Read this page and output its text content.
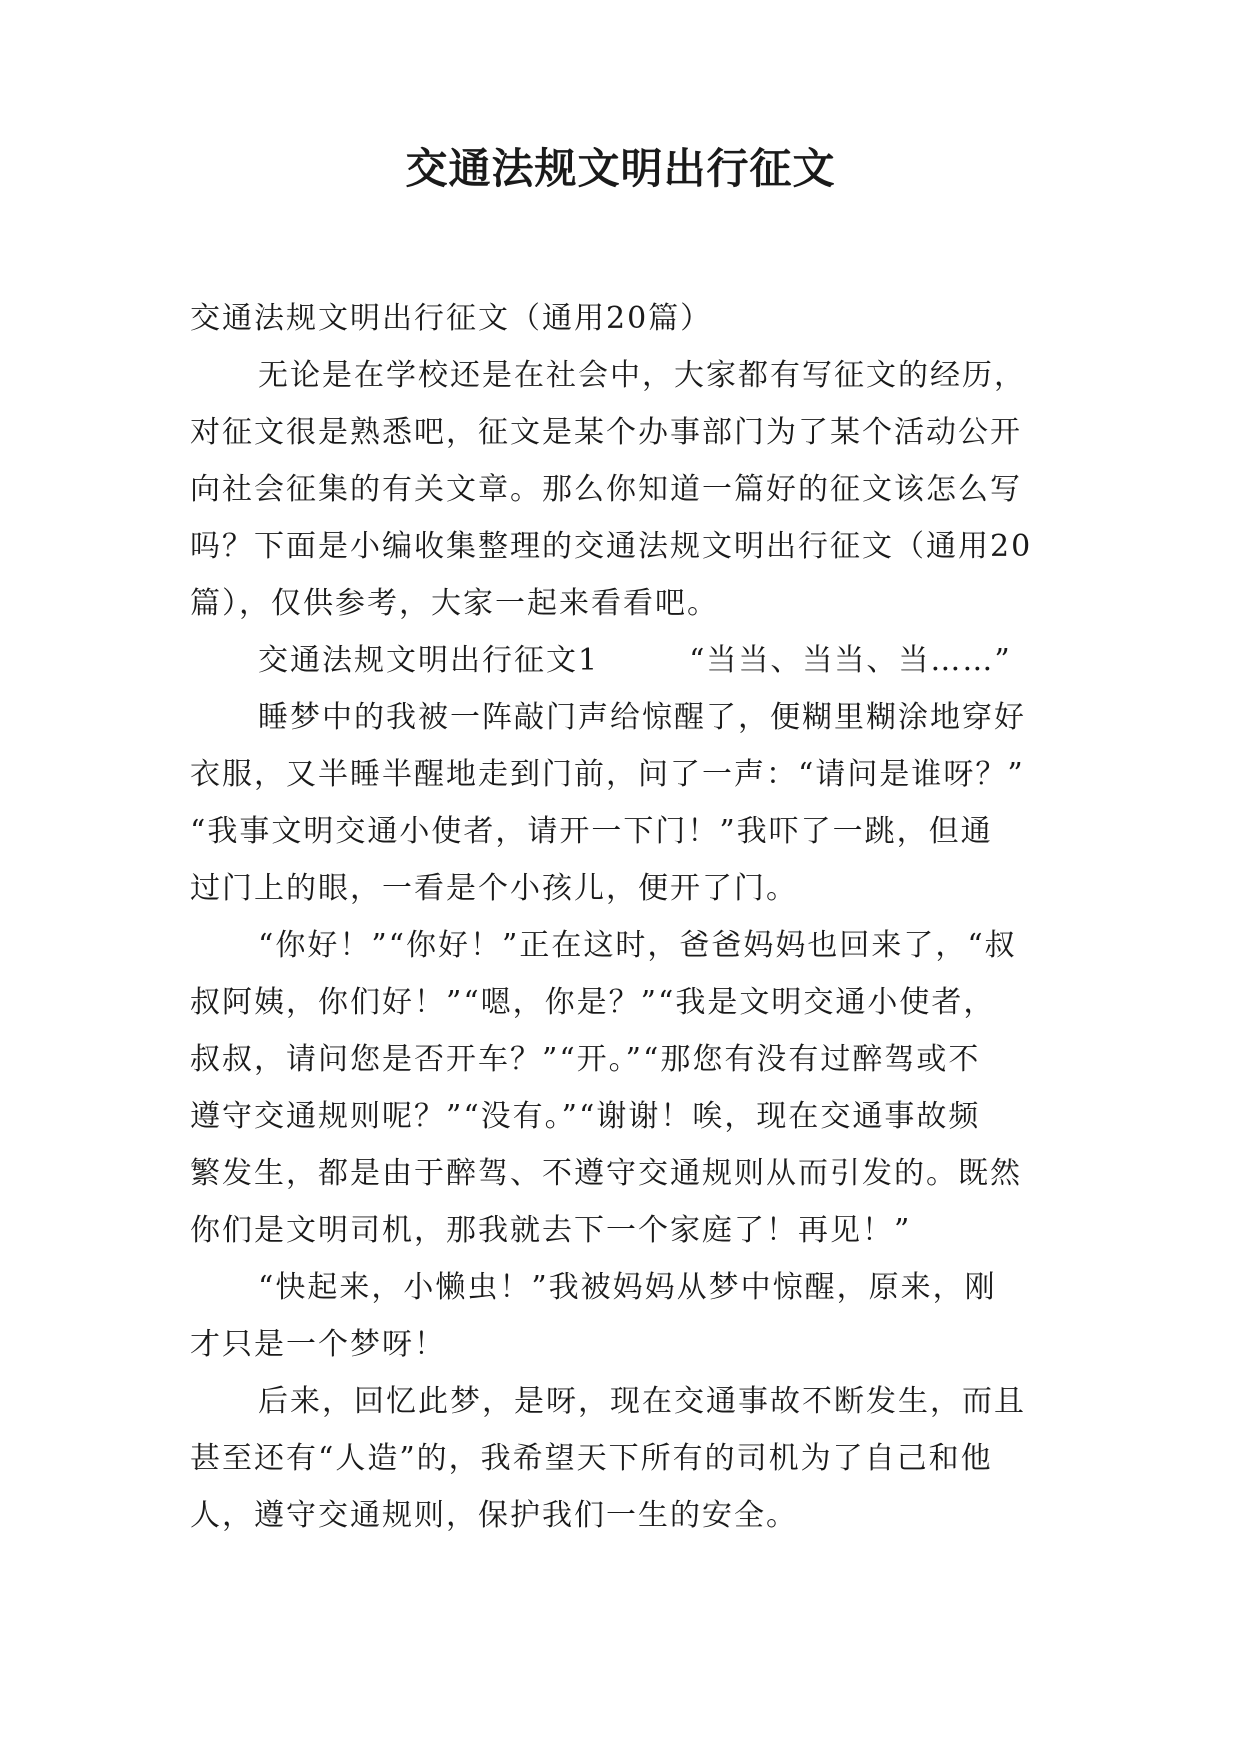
交通法规文明出行征文
交通法规文明出行征文（通用20篇）
无论是在学校还是在社会中，大家都有写征文的经历，
对征文很是熟悉吧，征文是某个办事部门为了某个活动公开
向社会征集的有关文章。那么你知道一篇好的征文该怎么写
吗？下面是小编收集整理的交通法规文明出行征文（通用20
篇），仅供参考，大家一起来看看吧。
交通法规文明出行征文1	“当当、当当、当……”
睡梦中的我被一阵敲门声给惊醒了，便糊里糊涂地穿好
衣服，又半睡半醒地走到门前，问了一声：“请问是谁呀？”
“我事文明交通小使者，请开一下门！”我吓了一跳，但通
过门上的眼，一看是个小孩儿，便开了门。
“你好！”“你好！”正在这时，爸爸妈妈也回来了，“叔
叔阿姨，你们好！”“嗯，你是？”“我是文明交通小使者，
叔叔，请问您是否开车？”“开。”“那您有没有过醉驾或不
遵守交通规则呢？”“没有。”“谢谢！唉，现在交通事故频
繁发生，都是由于醉驾、不遵守交通规则从而引发的。既然
你们是文明司机，那我就去下一个家庭了！再见！”
“快起来，小懒虫！”我被妈妈从梦中惊醒，原来，刚
才只是一个梦呀！
后来，回忆此梦，是呀，现在交通事故不断发生，而且
甚至还有“人造”的，我希望天下所有的司机为了自己和他
人，遵守交通规则，保护我们一生的安全。
